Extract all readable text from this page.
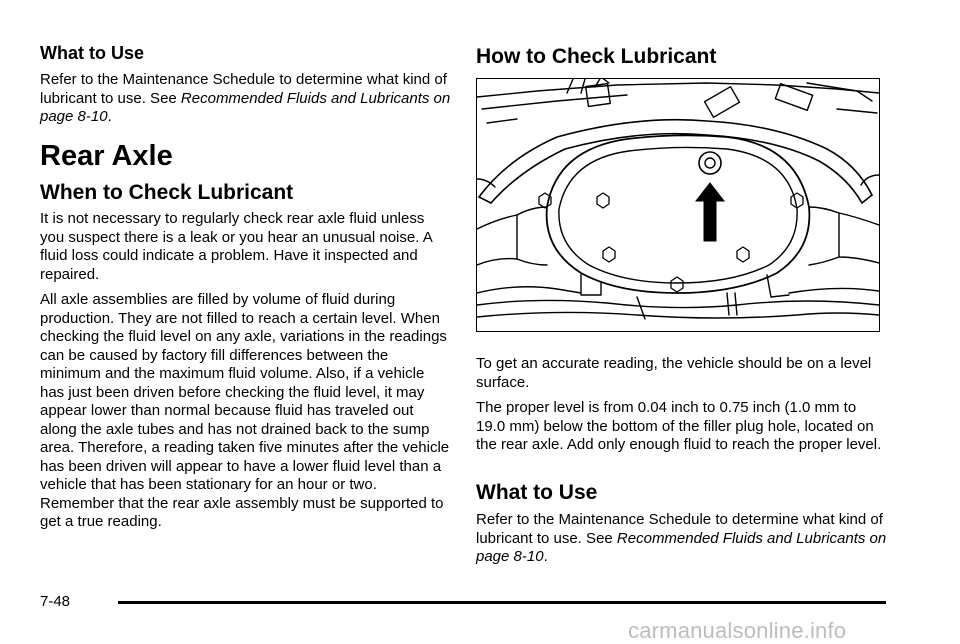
What to Use

Refer to the Maintenance Schedule to determine what kind of lubricant to use. See Recommended Fluids and Lubricants on page 8-10.

Rear Axle
When to Check Lubricant

It is not necessary to regularly check rear axle fluid unless you suspect there is a leak or you hear an unusual noise. A fluid loss could indicate a problem. Have it inspected and repaired.

All axle assemblies are filled by volume of fluid during production. They are not filled to reach a certain level. When checking the fluid level on any axle, variations in the readings can be caused by factory fill differences between the minimum and the maximum fluid volume. Also, if a vehicle has just been driven before checking the fluid level, it may appear lower than normal because fluid has traveled out along the axle tubes and has not drained back to the sump area. Therefore, a reading taken five minutes after the vehicle has been driven will appear to have a lower fluid level than a vehicle that has been stationary for an hour or two. Remember that the rear axle assembly must be supported to get a true reading.

How to Check Lubricant

To get an accurate reading, the vehicle should be on a level surface.

The proper level is from 0.04 inch to 0.75 inch (1.0 mm to 19.0 mm) below the bottom of the filler plug hole, located on the rear axle. Add only enough fluid to reach the proper level.

What to Use

Refer to the Maintenance Schedule to determine what kind of lubricant to use. See Recommended Fluids and Lubricants on page 8-10.

7-48
carmanualsonline.info
